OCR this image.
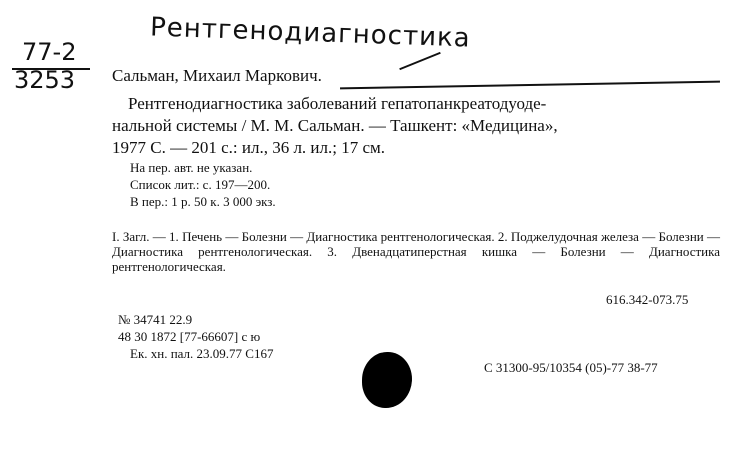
Рентгенодиагностика
77-2
3253 Сальман, Михаил Маркович.
Рентгенодиагностика заболеваний гепатопанкреатодуоде-
нальной системы / М. М. Сальман. — Ташкент: «Медицина»,
1977 С. — 201 с.: ил., 36 л. ил.; 17 см.
На пер. авт. не указан.
Список лит.: с. 197—200.
В пер.: 1 р. 50 к. 3 000 экз.
I. Загл. — 1. Печень — Болезни — Диагностика рентгенологическая. 2. Поджелудочная железа — Болезни — Диагностика рентгенологическая. 3. Двенадцатиперстная кишка — Болезни — Диагностика рентгенологическая.
616.342-073.75
№ 34741 22.9
48 30 1872 [77-66607] с ю
Ек. хн. пал. 23.09.77 С167
С 31300-95/10354 (05)-77 38-77
